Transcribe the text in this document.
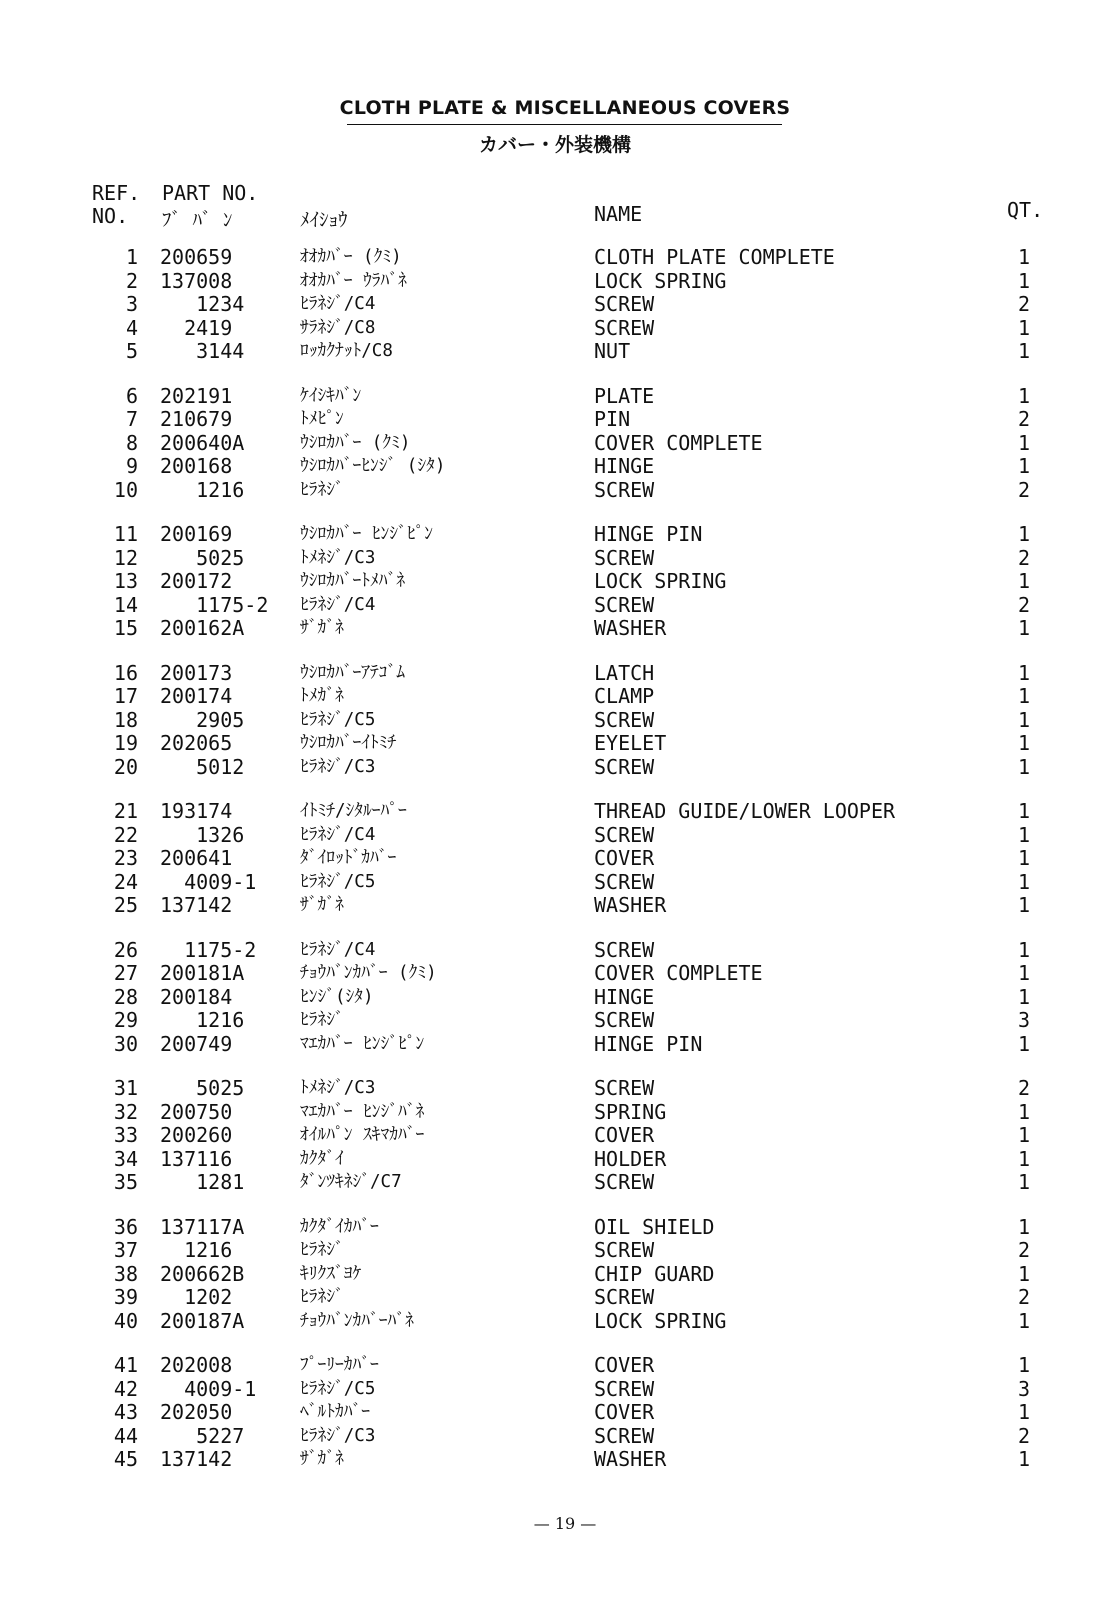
CLOTH PLATE & MISCELLANEOUS COVERS
カバー・外装機構
REF.
NO.
PART NO.
ﾌﾞ ﾊﾞ ﾝ	ﾒｲｼｮｳ	NAME	QT.
1 200659	ｵｵｶﾊﾞｰ (ｸﾐ)	CLOTH PLATE COMPLETE	1
2 137008	ｵｵｶﾊﾞｰ ｳﾗﾊﾞﾈ	LOCK SPRING	1
3 1234	ﾋﾗﾈｼﾞ/C4	SCREW	2
4 2419	ｻﾗﾈｼﾞ/C8	SCREW	1
5 3144	ﾛｯｶｸﾅｯﾄ/C8	NUT	1
6 202191	ｹｲｼｷﾊﾞﾝ	PLATE	1
7 210679	ﾄﾒﾋﾟﾝ	PIN	2
8 200640A	ｳｼﾛｶﾊﾞｰ (ｸﾐ)	COVER COMPLETE	1
9 200168	ｳｼﾛｶﾊﾞｰﾋﾝｼﾞ (ｼﾀ)	HINGE	1
10 1216	ﾋﾗﾈｼﾞ	SCREW	2
11 200169	ｳｼﾛｶﾊﾞｰ ﾋﾝｼﾞﾋﾟﾝ	HINGE PIN	1
12 5025	ﾄﾒﾈｼﾞ/C3	SCREW	2
13 200172	ｳｼﾛｶﾊﾞｰﾄﾒﾊﾞﾈ	LOCK SPRING	1
14 1175-2	ﾋﾗﾈｼﾞ/C4	SCREW	2
15 200162A	ｻﾞｶﾞﾈ	WASHER	1
16 200173	ｳｼﾛｶﾊﾞｰｱﾃｺﾞﾑ	LATCH	1
17 200174	ﾄﾒｶﾞﾈ	CLAMP	1
18 2905	ﾋﾗﾈｼﾞ/C5	SCREW	1
19 202065	ｳｼﾛｶﾊﾞｰｲﾄﾐﾁ	EYELET	1
20 5012	ﾋﾗﾈｼﾞ/C3	SCREW	1
21 193174	ｲﾄﾐﾁ/ｼﾀﾙｰﾊﾟｰ	THREAD GUIDE/LOWER LOOPER	1
22 1326	ﾋﾗﾈｼﾞ/C4	SCREW	1
23 200641	ﾀﾞｲﾛｯﾄﾞｶﾊﾞｰ	COVER	1
24 4009-1	ﾋﾗﾈｼﾞ/C5	SCREW	1
25 137142	ｻﾞｶﾞﾈ	WASHER	1
26 1175-2	ﾋﾗﾈｼﾞ/C4	SCREW	1
27 200181A	ﾁｮｳﾊﾞﾝｶﾊﾞｰ (ｸﾐ)	COVER COMPLETE	1
28 200184	ﾋﾝｼﾞ(ｼﾀ)	HINGE	1
29 1216	ﾋﾗﾈｼﾞ	SCREW	3
30 200749	ﾏｴｶﾊﾞｰ ﾋﾝｼﾞﾋﾟﾝ	HINGE PIN	1
31 5025	ﾄﾒﾈｼﾞ/C3	SCREW	2
32 200750	ﾏｴｶﾊﾞｰ ﾋﾝｼﾞﾊﾞﾈ	SPRING	1
33 200260	ｵｲﾙﾊﾟﾝ ｽｷﾏｶﾊﾞｰ	COVER	1
34 137116	ｶｸﾀﾞｲ	HOLDER	1
35 1281	ﾀﾞﾝﾂｷﾈｼﾞ/C7	SCREW	1
36 137117A	ｶｸﾀﾞｲｶﾊﾞｰ	OIL SHIELD	1
37 1216	ﾋﾗﾈｼﾞ	SCREW	2
38 200662B	ｷﾘｸｽﾞﾖｹ	CHIP GUARD	1
39 1202	ﾋﾗﾈｼﾞ	SCREW	2
40 200187A	ﾁｮｳﾊﾞﾝｶﾊﾞｰﾊﾞﾈ	LOCK SPRING	1
41 202008	ﾌﾟｰﾘｰｶﾊﾞｰ	COVER	1
42 4009-1	ﾋﾗﾈｼﾞ/C5	SCREW	3
43 202050	ﾍﾞﾙﾄｶﾊﾞｰ	COVER	1
44 5227	ﾋﾗﾈｼﾞ/C3	SCREW	2
45 137142	ｻﾞｶﾞﾈ	WASHER	1
— 19 —
